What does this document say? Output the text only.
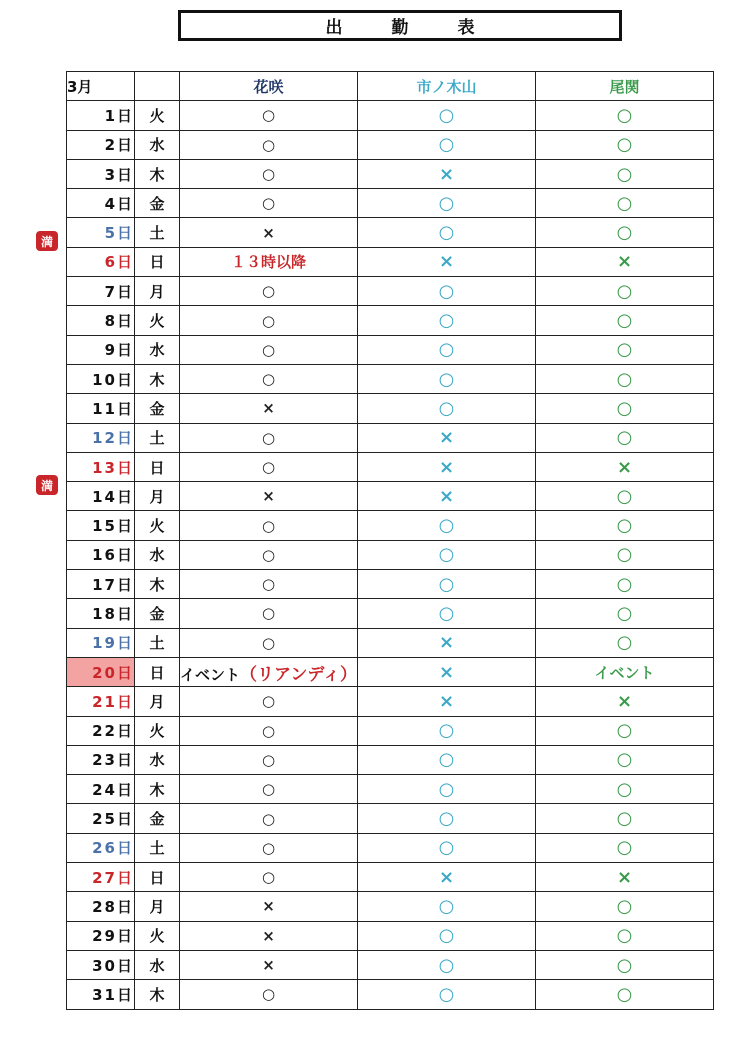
出　勤　表
満
満
3月		花咲	市ノ木山	尾関
1日	火	○	○	○
2日	水	○	○	○
3日	木	○	×	○
4日	金	○	○	○
5日	土	×	○	○
6日	日	１３時以降	×	×
7日	月	○	○	○
8日	火	○	○	○
9日	水	○	○	○
10日	木	○	○	○
11日	金	×	○	○
12日	土	○	×	○
13日	日	○	×	×
14日	月	×	×	○
15日	火	○	○	○
16日	水	○	○	○
17日	木	○	○	○
18日	金	○	○	○
19日	土	○	×	○
20日	日	イベント（リアンディ）	×	イベント
21日	月	○	×	×
22日	火	○	○	○
23日	水	○	○	○
24日	木	○	○	○
25日	金	○	○	○
26日	土	○	○	○
27日	日	○	×	×
28日	月	×	○	○
29日	火	×	○	○
30日	水	×	○	○
31日	木	○	○	○
